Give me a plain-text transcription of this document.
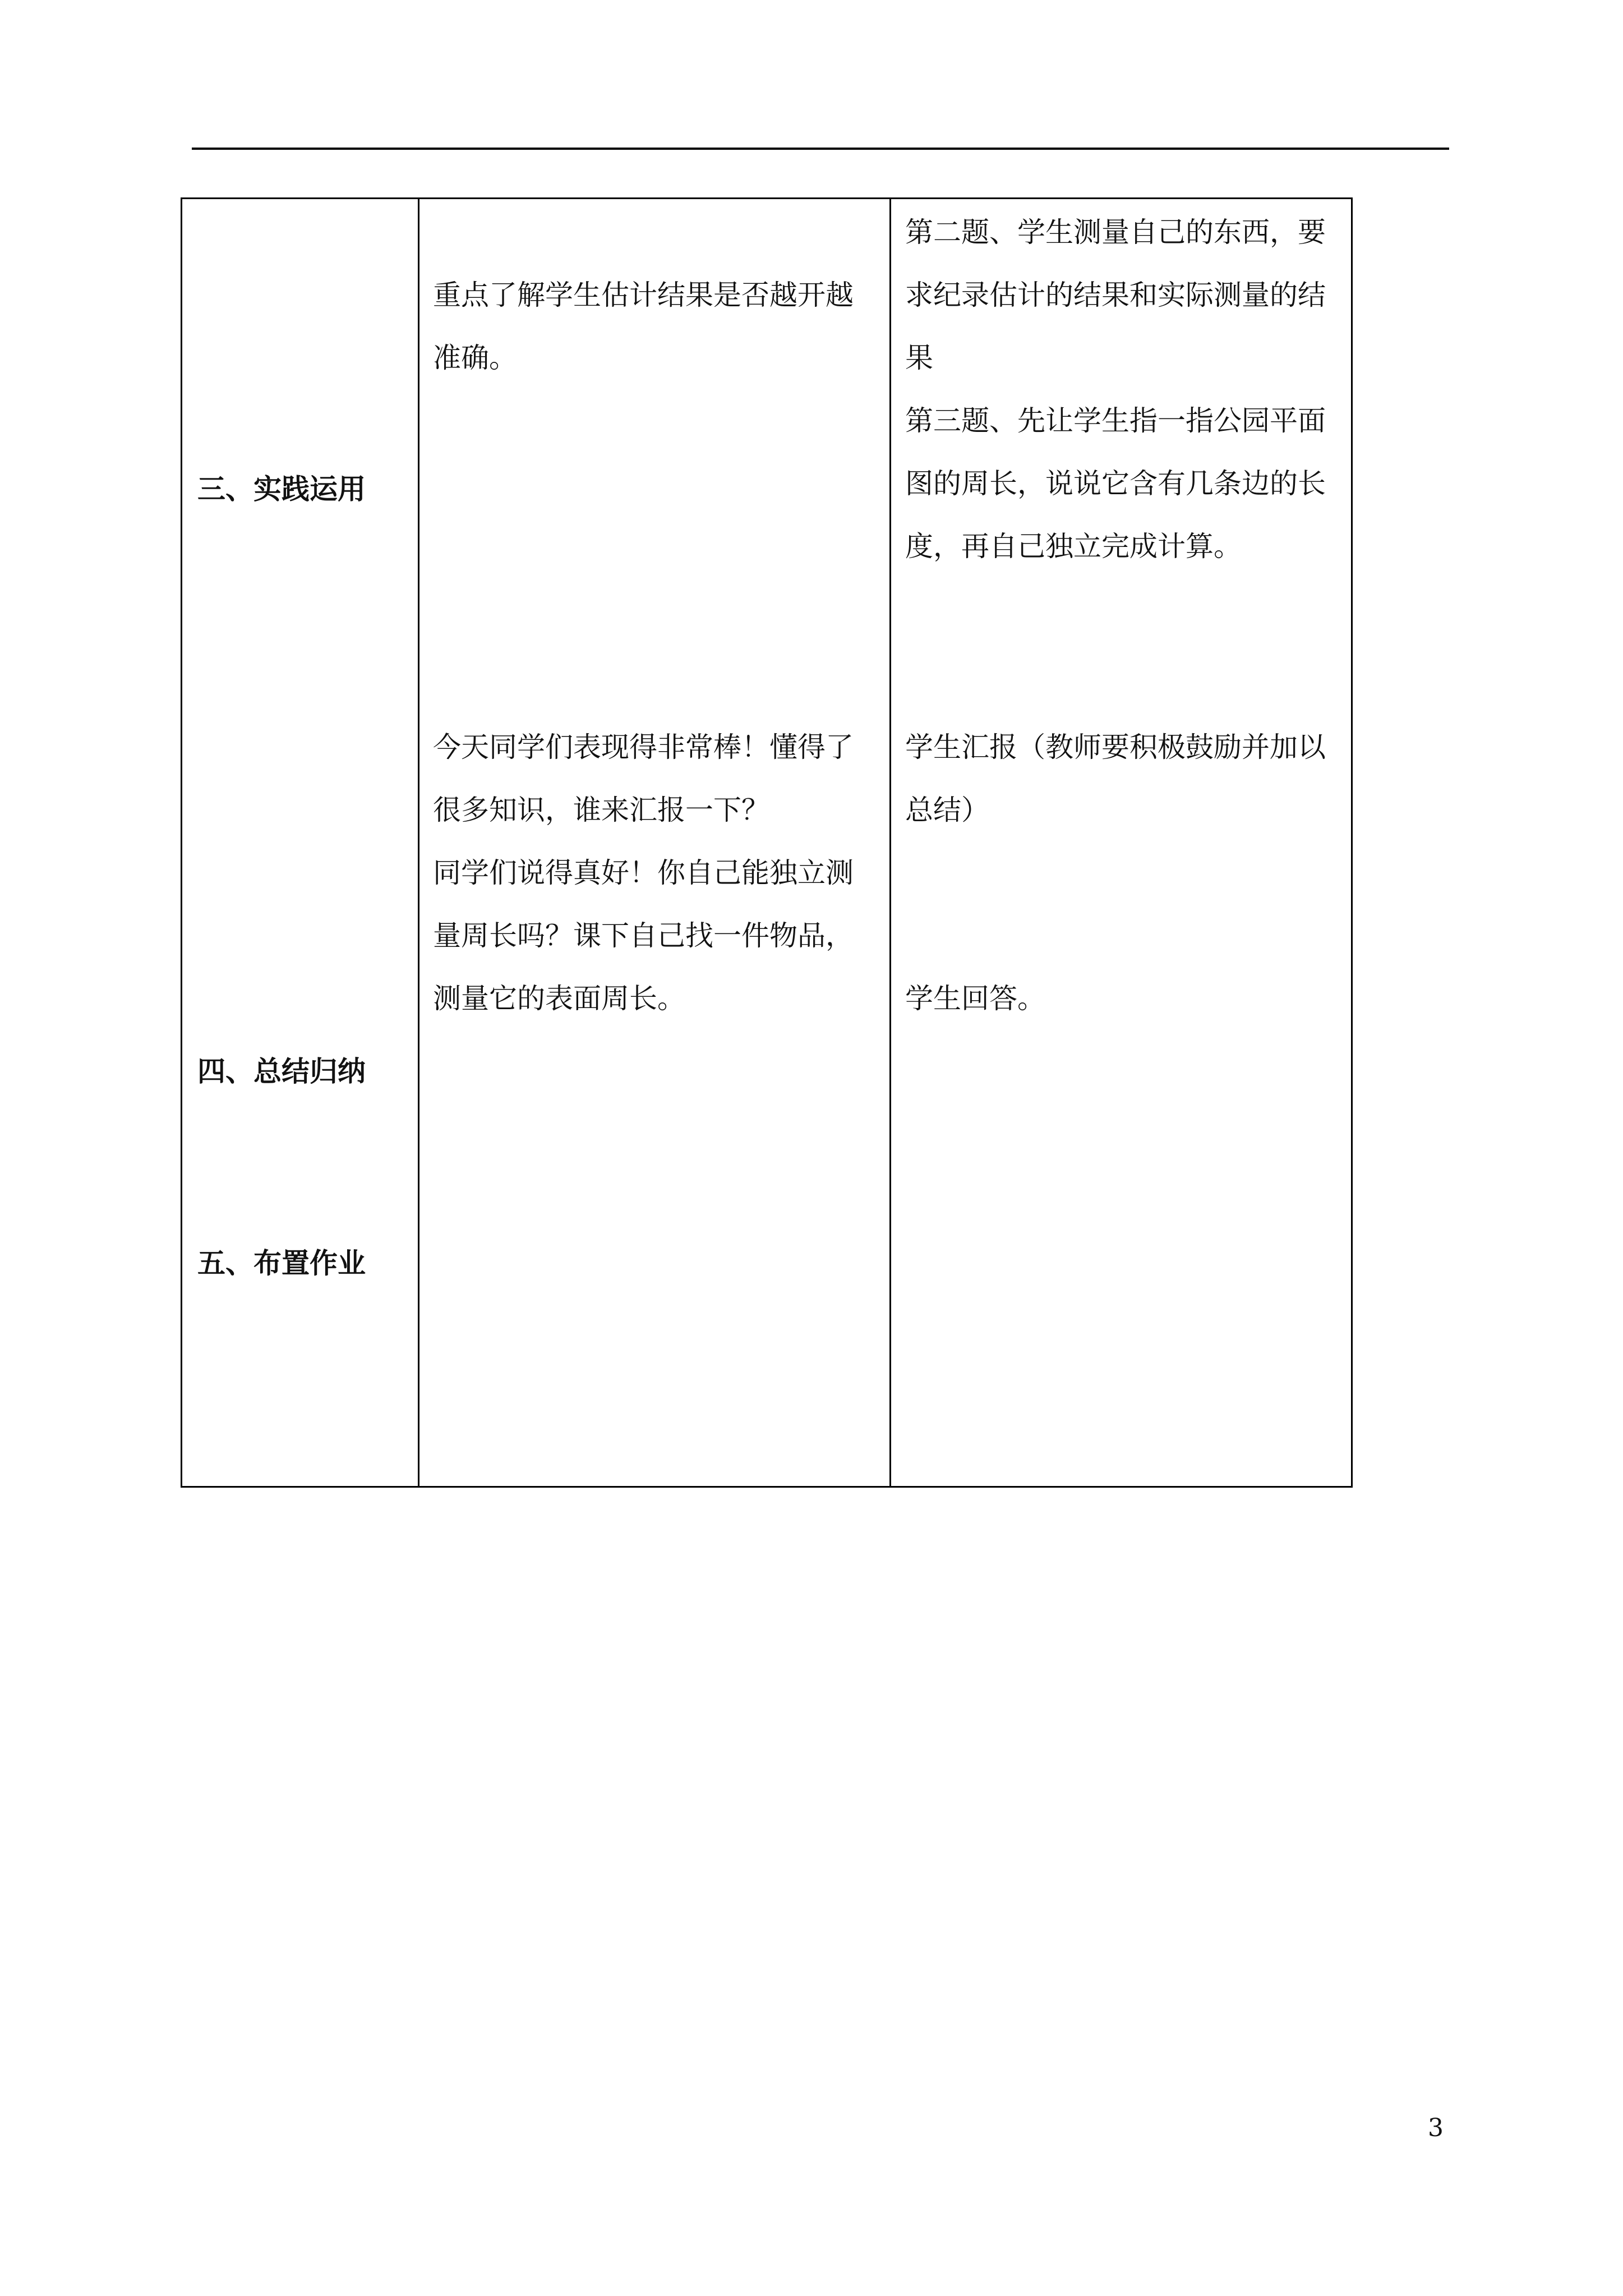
三、实践运用
四、总结归纳
五、布置作业
重点了解学生估计结果是否越开越
准确。
今天同学们表现得非常棒！懂得了
很多知识，谁来汇报一下？
同学们说得真好！你自己能独立测
量周长吗？课下自己找一件物品，
测量它的表面周长。
第二题、学生测量自己的东西，要
求纪录估计的结果和实际测量的结
果
第三题、先让学生指一指公园平面
图的周长，说说它含有几条边的长
度，再自己独立完成计算。
学生汇报（教师要积极鼓励并加以
总结）
学生回答。
3
